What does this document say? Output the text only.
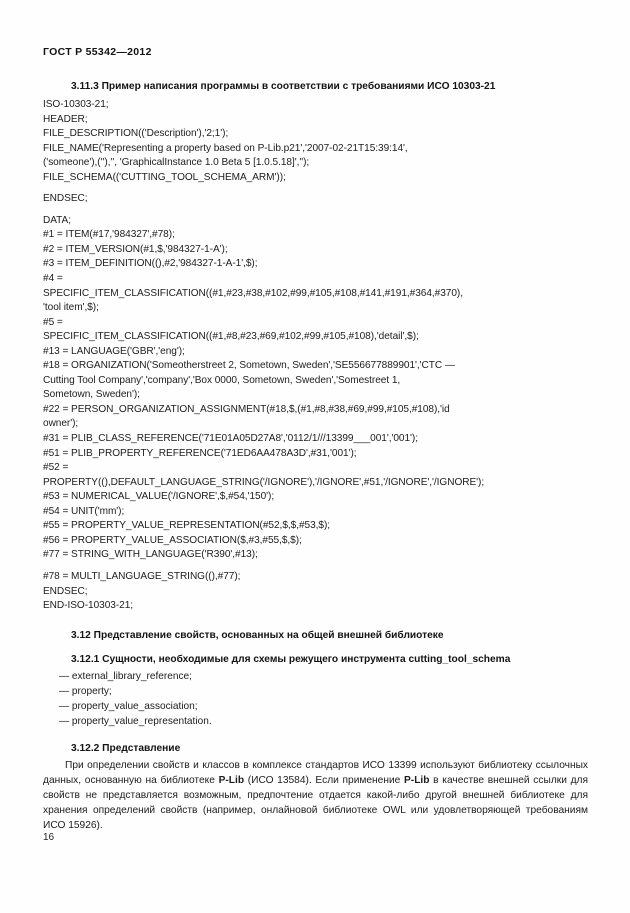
ГОСТ Р 55342—2012
3.11.3 Пример написания программы в соответствии с требованиями ИСО 10303-21
ISO-10303-21;
HEADER;
FILE_DESCRIPTION(('Description'),'2;1');
FILE_NAME('Representing a property based on P-Lib.p21','2007-02-21T15:39:14',
('someone'),(''),'', 'GraphicalInstance 1.0 Beta 5 [1.0.5.18]','');
FILE_SCHEMA(('CUTTING_TOOL_SCHEMA_ARM'));
ENDSEC;
DATA;
#1 = ITEM(#17,'984327',#78);
#2 = ITEM_VERSION(#1,$,'984327-1-A');
#3 = ITEM_DEFINITION((),#2,'984327-1-A-1',$);
#4 =
SPECIFIC_ITEM_CLASSIFICATION((#1,#23,#38,#102,#99,#105,#108,#141,#191,#364,#370),
'tool item',$);
#5 =
SPECIFIC_ITEM_CLASSIFICATION((#1,#8,#23,#69,#102,#99,#105,#108),'detail',$);
#13 = LANGUAGE('GBR','eng');
#18 = ORGANIZATION('Someotherstreet 2, Sometown, Sweden','SE556677889901','CTC —
Cutting Tool Company','company','Box 0000, Sometown, Sweden','Somestreet 1,
Sometown, Sweden');
#22 = PERSON_ORGANIZATION_ASSIGNMENT(#18,$,(#1,#8,#38,#69,#99,#105,#108),'id
owner');
#31 = PLIB_CLASS_REFERENCE('71E01A05D27A8','0112/1///13399___001','001');
#51 = PLIB_PROPERTY_REFERENCE('71ED6AA478A3D',#31,'001');
#52 =
PROPERTY((),DEFAULT_LANGUAGE_STRING('/IGNORE'),'/IGNORE',#51,'/IGNORE','/IGNORE');
#53 = NUMERICAL_VALUE('/IGNORE',$,#54,'150');
#54 = UNIT('mm');
#55 = PROPERTY_VALUE_REPRESENTATION(#52,$,$,#53,$);
#56 = PROPERTY_VALUE_ASSOCIATION($,#3,#55,$,$);
#77 = STRING_WITH_LANGUAGE('R390',#13);
#78 = MULTI_LANGUAGE_STRING((),#77);
ENDSEC;
END-ISO-10303-21;
3.12 Представление свойств, основанных на общей внешней библиотеке
3.12.1 Сущности, необходимые для схемы режущего инструмента cutting_tool_schema
— external_library_reference;
— property;
— property_value_association;
— property_value_representation.
3.12.2 Представление

При определении свойств и классов в комплексе стандартов ИСО 13399 используют библиотеку ссылочных данных, основанную на библиотеке P-Lib (ИСО 13584). Если применение P-Lib в качестве внешней ссылки для свойств не представляется возможным, предпочтение отдается какой-либо другой внешней библиотеке для хранения определений свойств (например, онлайновой библиотеке OWL или удовлетворяющей требованиям ИСО 15926).

16
